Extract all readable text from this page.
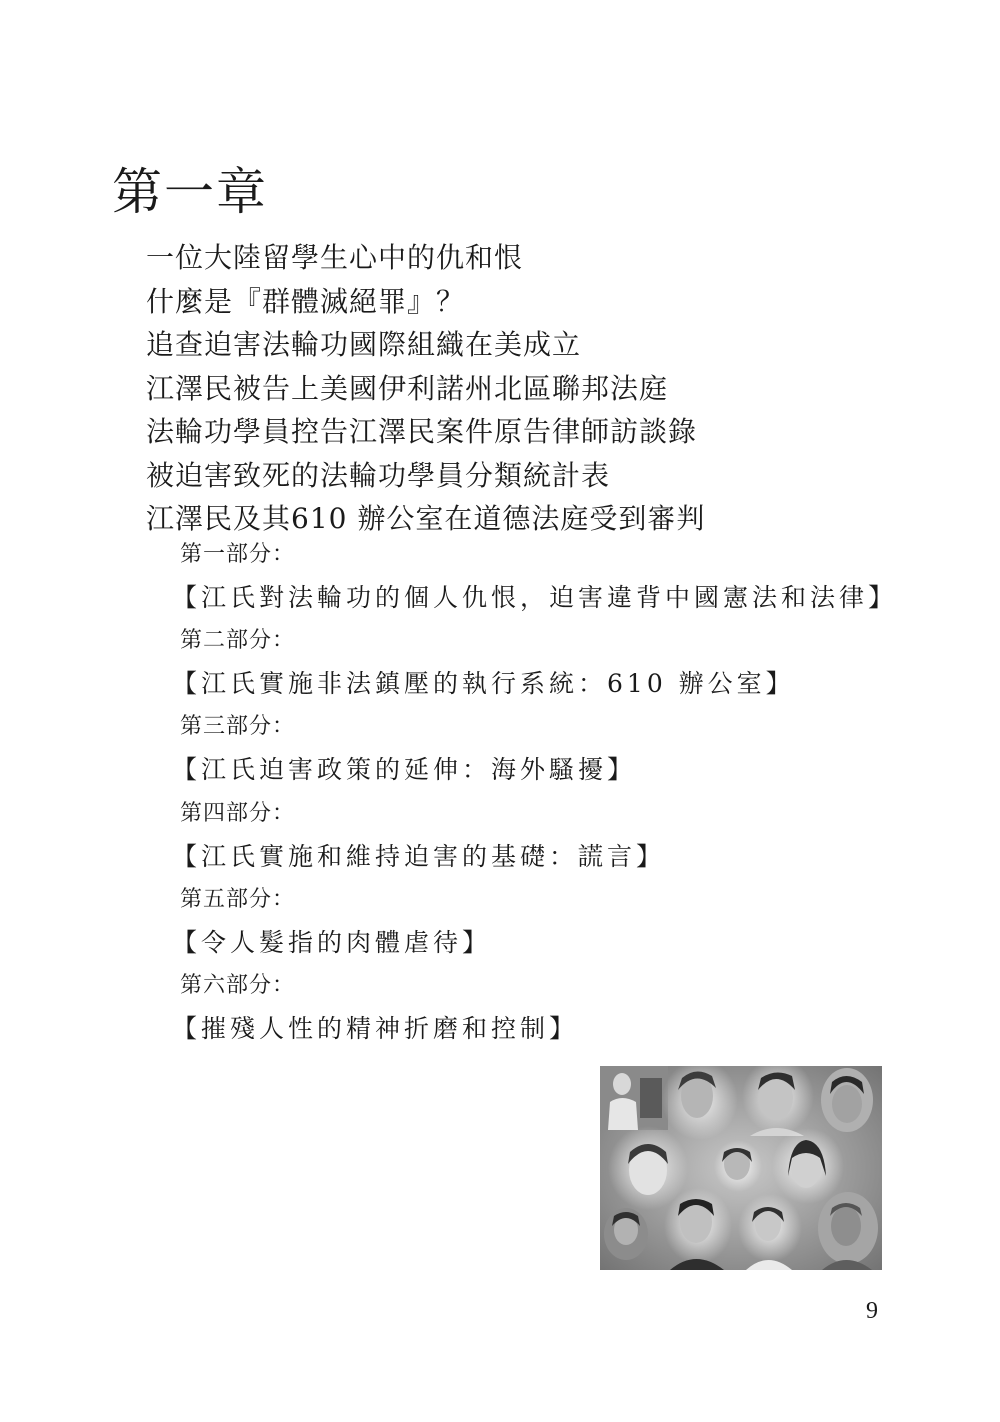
第一章
一位大陸留學生心中的仇和恨
什麼是『群體滅絕罪』？
追查迫害法輪功國際組織在美成立
江澤民被告上美國伊利諾州北區聯邦法庭
法輪功學員控告江澤民案件原告律師訪談錄
被迫害致死的法輪功學員分類統計表
江澤民及其610 辦公室在道德法庭受到審判
第一部分：
【江氏對法輪功的個人仇恨，迫害違背中國憲法和法律】
第二部分：
【江氏實施非法鎮壓的執行系統：610 辦公室】
第三部分：
【江氏迫害政策的延伸：海外騷擾】
第四部分：
【江氏實施和維持迫害的基礎：謊言】
第五部分：
【令人髮指的肉體虐待】
第六部分：
【摧殘人性的精神折磨和控制】
9
